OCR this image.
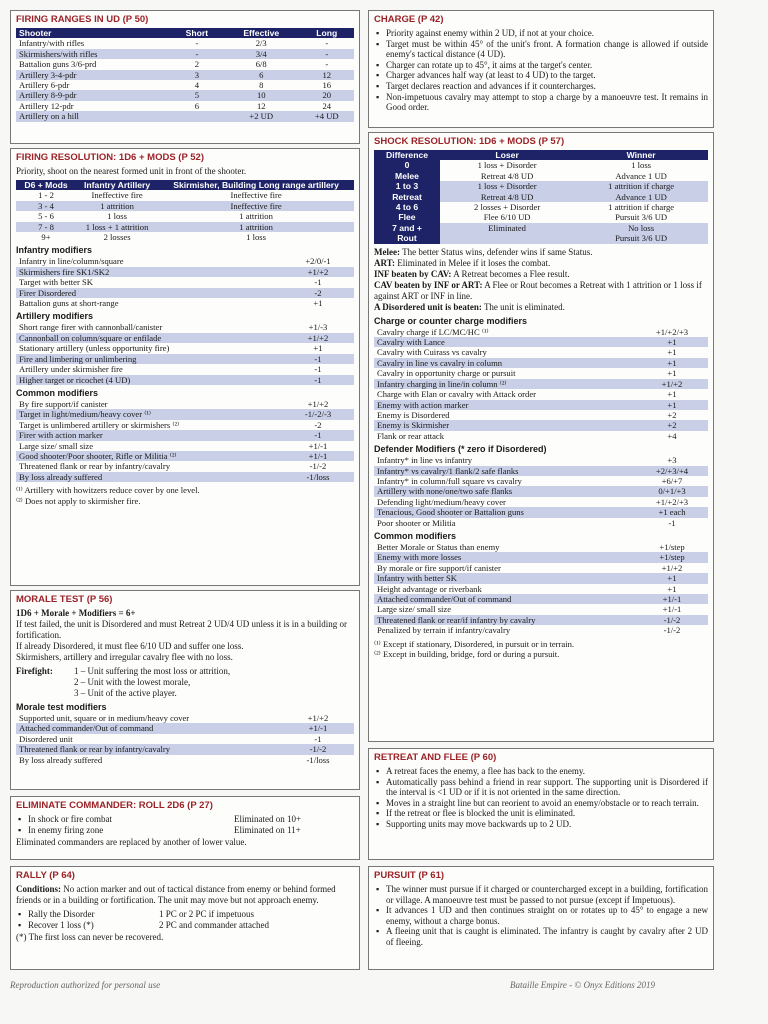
FIRING RANGES IN UD (P 50)
Shooter	Short	Effective	Long
Infantry/with rifles	-	2/3	-
Skirmishers/with rifles	-	3/4	-
Battalion guns 3/6-prd	2	6/8	-
Artillery 3-4-pdr	3	6	12
Artillery 6-pdr	4	8	16
Artillery 8-9-pdr	5	10	20
Artillery 12-pdr	6	12	24
Artillery on a hill		+2 UD	+4 UD
FIRING RESOLUTION: 1D6 + MODS (P 52)
Priority, shoot on the nearest formed unit in front of the shooter.
D6 + Mods	Infantry Artillery	Skirmisher, Building Long range artillery
1 - 2	Ineffective fire	Ineffective fire
3 - 4	1 attrition	Ineffective fire
5 - 6	1 loss	1 attrition
7 - 8	1 loss + 1 attrition	1 attrition
9+	2 losses	1 loss
Infantry modifiers
Infantry in line/column/square	+2/0/-1
Skirmishers fire SK1/SK2	+1/+2
Target with better SK	-1
Firer Disordered	-2
Battalion guns at short-range	+1
Artillery modifiers
Short range firer with cannonball/canister	+1/-3
Cannonball on column/square or enfilade	+1/+2
Stationary artillery (unless opportunity fire)	+1
Fire and limbering or unlimbering	-1
Artillery under skirmisher fire	-1
Higher target or ricochet (4 UD)	-1
Common modifiers
By fire support/if canister	+1/+2
Target in light/medium/heavy cover ⁽¹⁾	-1/-2/-3
Target is unlimbered artillery or skirmishers ⁽²⁾	-2
Firer with action marker	-1
Large size/ small size	+1/-1
Good shooter/Poor shooter, Rifle or Militia ⁽²⁾	+1/-1
Threatened flank or rear by infantry/cavalry	-1/-2
By loss already suffered	-1/loss
⁽¹⁾ Artillery with howitzers reduce cover by one level.
⁽²⁾ Does not apply to skirmisher fire.
MORALE TEST (P 56)
1D6 + Morale + Modifiers = 6+
If test failed, the unit is Disordered and must Retreat 2 UD/4 UD unless it is in a building or fortification.
If already Disordered, it must flee 6/10 UD and suffer one loss.
Skirmishers, artillery and irregular cavalry flee with no loss.
Firefight:	1 – Unit suffering the most loss or attrition,
2 – Unit with the lowest morale,
3 – Unit of the active player.
Morale test modifiers
Supported unit, square or in medium/heavy cover	+1/+2
Attached commander/Out of command	+1/-1
Disordered unit	-1
Threatened flank or rear by infantry/cavalry	-1/-2
By loss already suffered	-1/loss
ELIMINATE COMMANDER: ROLL 2D6 (P 27)
▪ In shock or fire combat	Eliminated on 10+
▪ In enemy firing zone	Eliminated on 11+
Eliminated commanders are replaced by another of lower value.
RALLY (P 64)
Conditions: No action marker and out of tactical distance from enemy or behind formed friends or in a building or fortification. The unit may move but not approach enemy.
▪ Rally the Disorder	1 PC or 2 PC if impetuous
▪ Recover 1 loss (*)	2 PC and commander attached
(*) The first loss can never be recovered.
CHARGE (P 42)
▪ Priority against enemy within 2 UD, if not at your choice.
▪ Target must be within 45° of the unit's front. A formation change is allowed if outside enemy's tactical distance (4 UD).
▪ Charger can rotate up to 45°, it aims at the target's center.
▪ Charger advances half way (at least to 4 UD) to the target.
▪ Target declares reaction and advances if it countercharges.
▪ Non-impetuous cavalry may attempt to stop a charge by a manoeuvre test. It remains in Good order.
SHOCK RESOLUTION: 1D6 + MODS (P 57)
Difference	Loser	Winner
0	1 loss + Disorder	1 loss
Melee	Retreat 4/8 UD	Advance 1 UD
1 to 3	1 loss + Disorder	1 attrition if charge
Retreat	Retreat 4/8 UD	Advance 1 UD
4 to 6	2 losses + Disorder	1 attrition if charge
Flee	Flee 6/10 UD	Pursuit 3/6 UD
7 and +	Eliminated	No loss
Rout		Pursuit 3/6 UD
Melee: The better Status wins, defender wins if same Status.
ART: Eliminated in Melee if it loses the combat.
INF beaten by CAV: A Retreat becomes a Flee result.
CAV beaten by INF or ART: A Flee or Rout becomes a Retreat with 1 attrition or 1 loss if against ART or INF in line.
A Disordered unit is beaten: The unit is eliminated.
Charge or counter charge modifiers
Cavalry charge if LC/MC/HC ⁽¹⁾	+1/+2/+3
Cavalry with Lance	+1
Cavalry with Cuirass vs cavalry	+1
Cavalry in line vs cavalry in column	+1
Cavalry in opportunity charge or pursuit	+1
Infantry charging in line/in column ⁽²⁾	+1/+2
Charge with Elan or cavalry with Attack order	+1
Enemy with action marker	+1
Enemy is Disordered	+2
Enemy is Skirmisher	+2
Flank or rear attack	+4
Defender Modifiers (* zero if Disordered)
Infantry* in line vs infantry	+3
Infantry* vs cavalry/1 flank/2 safe flanks	+2/+3/+4
Infantry* in column/full square vs cavalry	+6/+7
Artillery with none/one/two safe flanks	0/+1/+3
Defending light/medium/heavy cover	+1/+2/+3
Tenacious, Good shooter or Battalion guns	+1 each
Poor shooter or Militia	-1
Common modifiers
Better Morale or Status than enemy	+1/step
Enemy with more losses	+1/step
By morale or fire support/if canister	+1/+2
Infantry with better SK	+1
Height advantage or riverbank	+1
Attached commander/Out of command	+1/-1
Large size/ small size	+1/-1
Threatened flank or rear/if infantry by cavalry	-1/-2
Penalized by terrain if infantry/cavalry	-1/-2
⁽¹⁾ Except if stationary, Disordered, in pursuit or in terrain.
⁽²⁾ Except in building, bridge, ford or during a pursuit.
RETREAT AND FLEE (P 60)
▪ A retreat faces the enemy, a flee has back to the enemy.
▪ Automatically pass behind a friend in rear support. The supporting unit is Disordered if the interval is <1 UD or if it is not oriented in the same direction.
▪ Moves in a straight line but can reorient to avoid an enemy/obstacle or to reach terrain.
▪ If the retreat or flee is blocked the unit is eliminated.
▪ Supporting units may move backwards up to 2 UD.
PURSUIT (P 61)
▪ The winner must pursue if it charged or countercharged except in a building, fortification or village. A manoeuvre test must be passed to not pursue (except if Impetuous).
▪ It advances 1 UD and then continues straight on or rotates up to 45° to engage a new enemy, without a charge bonus.
▪ A fleeing unit that is caught is eliminated. The infantry is caught by cavalry after 2 UD of fleeing.
Reproduction authorized for personal use	Bataille Empire - © Onyx Editions 2019
